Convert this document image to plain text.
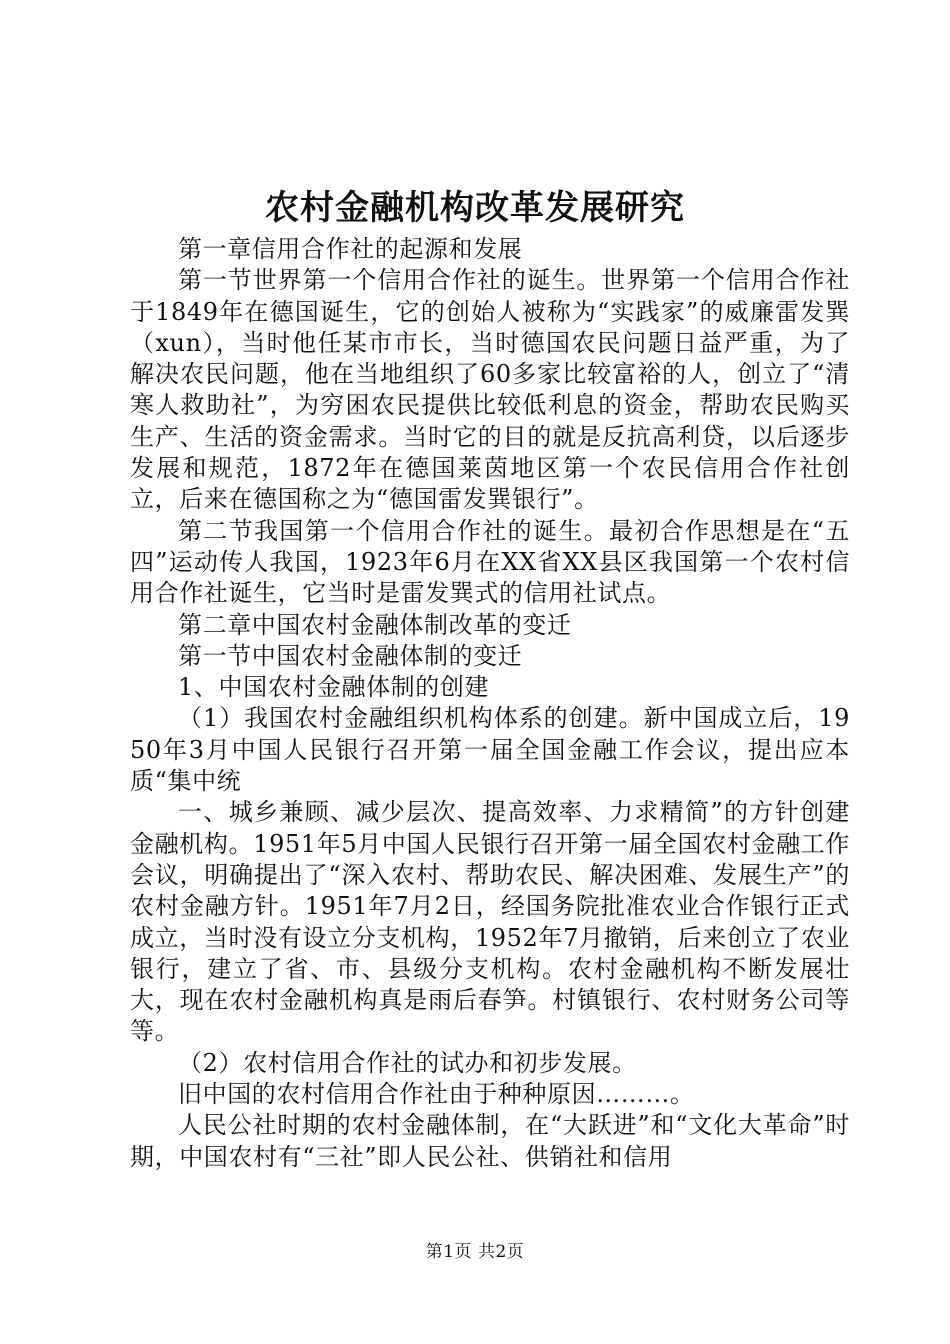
农村金融机构改革发展研究

第一章信用合作社的起源和发展

第一节世界第一个信用合作社的诞生。世界第一个信用合作社于1849年在德国诞生，它的创始人被称为“实践家”的威廉雷发巽（xun），当时他任某市市长，当时德国农民问题日益严重，为了解决农民问题，他在当地组织了60多家比较富裕的人，创立了“清寒人救助社”，为穷困农民提供比较低利息的资金，帮助农民购买生产、生活的资金需求。当时它的目的就是反抗高利贷，以后逐步发展和规范，1872年在德国莱茵地区第一个农民信用合作社创立，后来在德国称之为“德国雷发巽银行”。

第二节我国第一个信用合作社的诞生。最初合作思想是在“五四”运动传人我国，1923年6月在XX省XX县区我国第一个农村信用合作社诞生，它当时是雷发巽式的信用社试点。

第二章中国农村金融体制改革的变迁

第一节中国农村金融体制的变迁

1、中国农村金融体制的创建

（1）我国农村金融组织机构体系的创建。新中国成立后，1950年3月中国人民银行召开第一届全国金融工作会议，提出应本质“集中统

一、城乡兼顾、减少层次、提高效率、力求精简”的方针创建金融机构。1951年5月中国人民银行召开第一届全国农村金融工作会议，明确提出了“深入农村、帮助农民、解决困难、发展生产”的农村金融方针。1951年7月2日，经国务院批准农业合作银行正式成立，当时没有设立分支机构，1952年7月撤销，后来创立了农业银行，建立了省、市、县级分支机构。农村金融机构不断发展壮大，现在农村金融机构真是雨后春笋。村镇银行、农村财务公司等等。

（2）农村信用合作社的试办和初步发展。

旧中国的农村信用合作社由于种种原因………。

人民公社时期的农村金融体制，在“大跃进”和“文化大革命”时期，中国农村有“三社”即人民公社、供销社和信用

第1页 共2页
